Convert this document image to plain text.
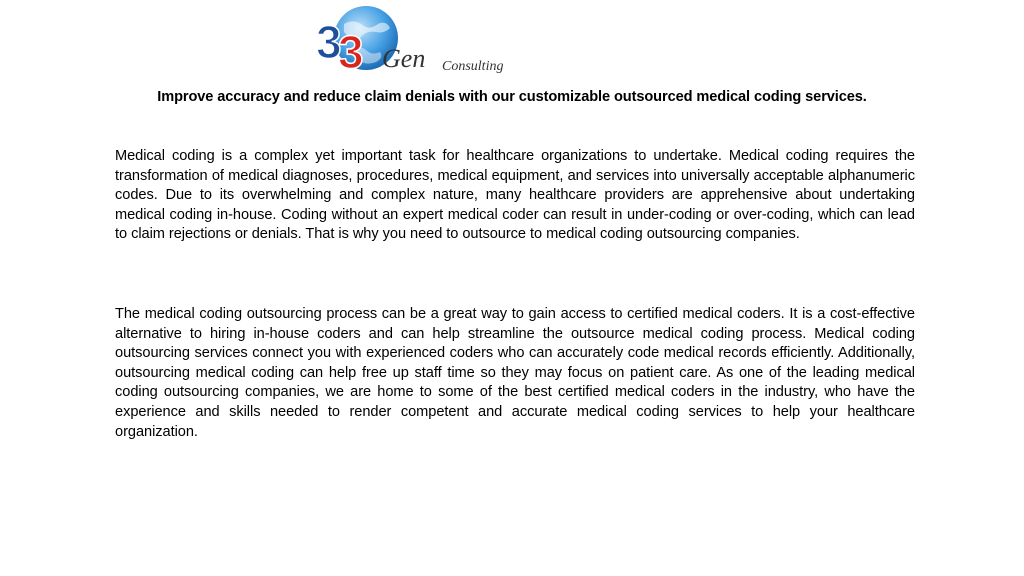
3
3 Gen Consulting
Improve accuracy and reduce claim denials with our customizable outsourced medical coding services.

Medical coding is a complex yet important task for healthcare organizations to undertake. Medical coding requires the transformation of medical diagnoses, procedures, medical equipment, and services into universally acceptable alphanumeric codes. Due to its overwhelming and complex nature, many healthcare providers are apprehensive about undertaking medical coding in-house. Coding without an expert medical coder can result in under-coding or over-coding, which can lead to claim rejections or denials. That is why you need to outsource to medical coding outsourcing companies.

The medical coding outsourcing process can be a great way to gain access to certified medical coders. It is a cost-effective alternative to hiring in-house coders and can help streamline the outsource medical coding process. Medical coding outsourcing services connect you with experienced coders who can accurately code medical records efficiently. Additionally, outsourcing medical coding can help free up staff time so they may focus on patient care. As one of the leading medical coding outsourcing companies, we are home to some of the best certified medical coders in the industry, who have the experience and skills needed to render competent and accurate medical coding services to help your healthcare organization.
